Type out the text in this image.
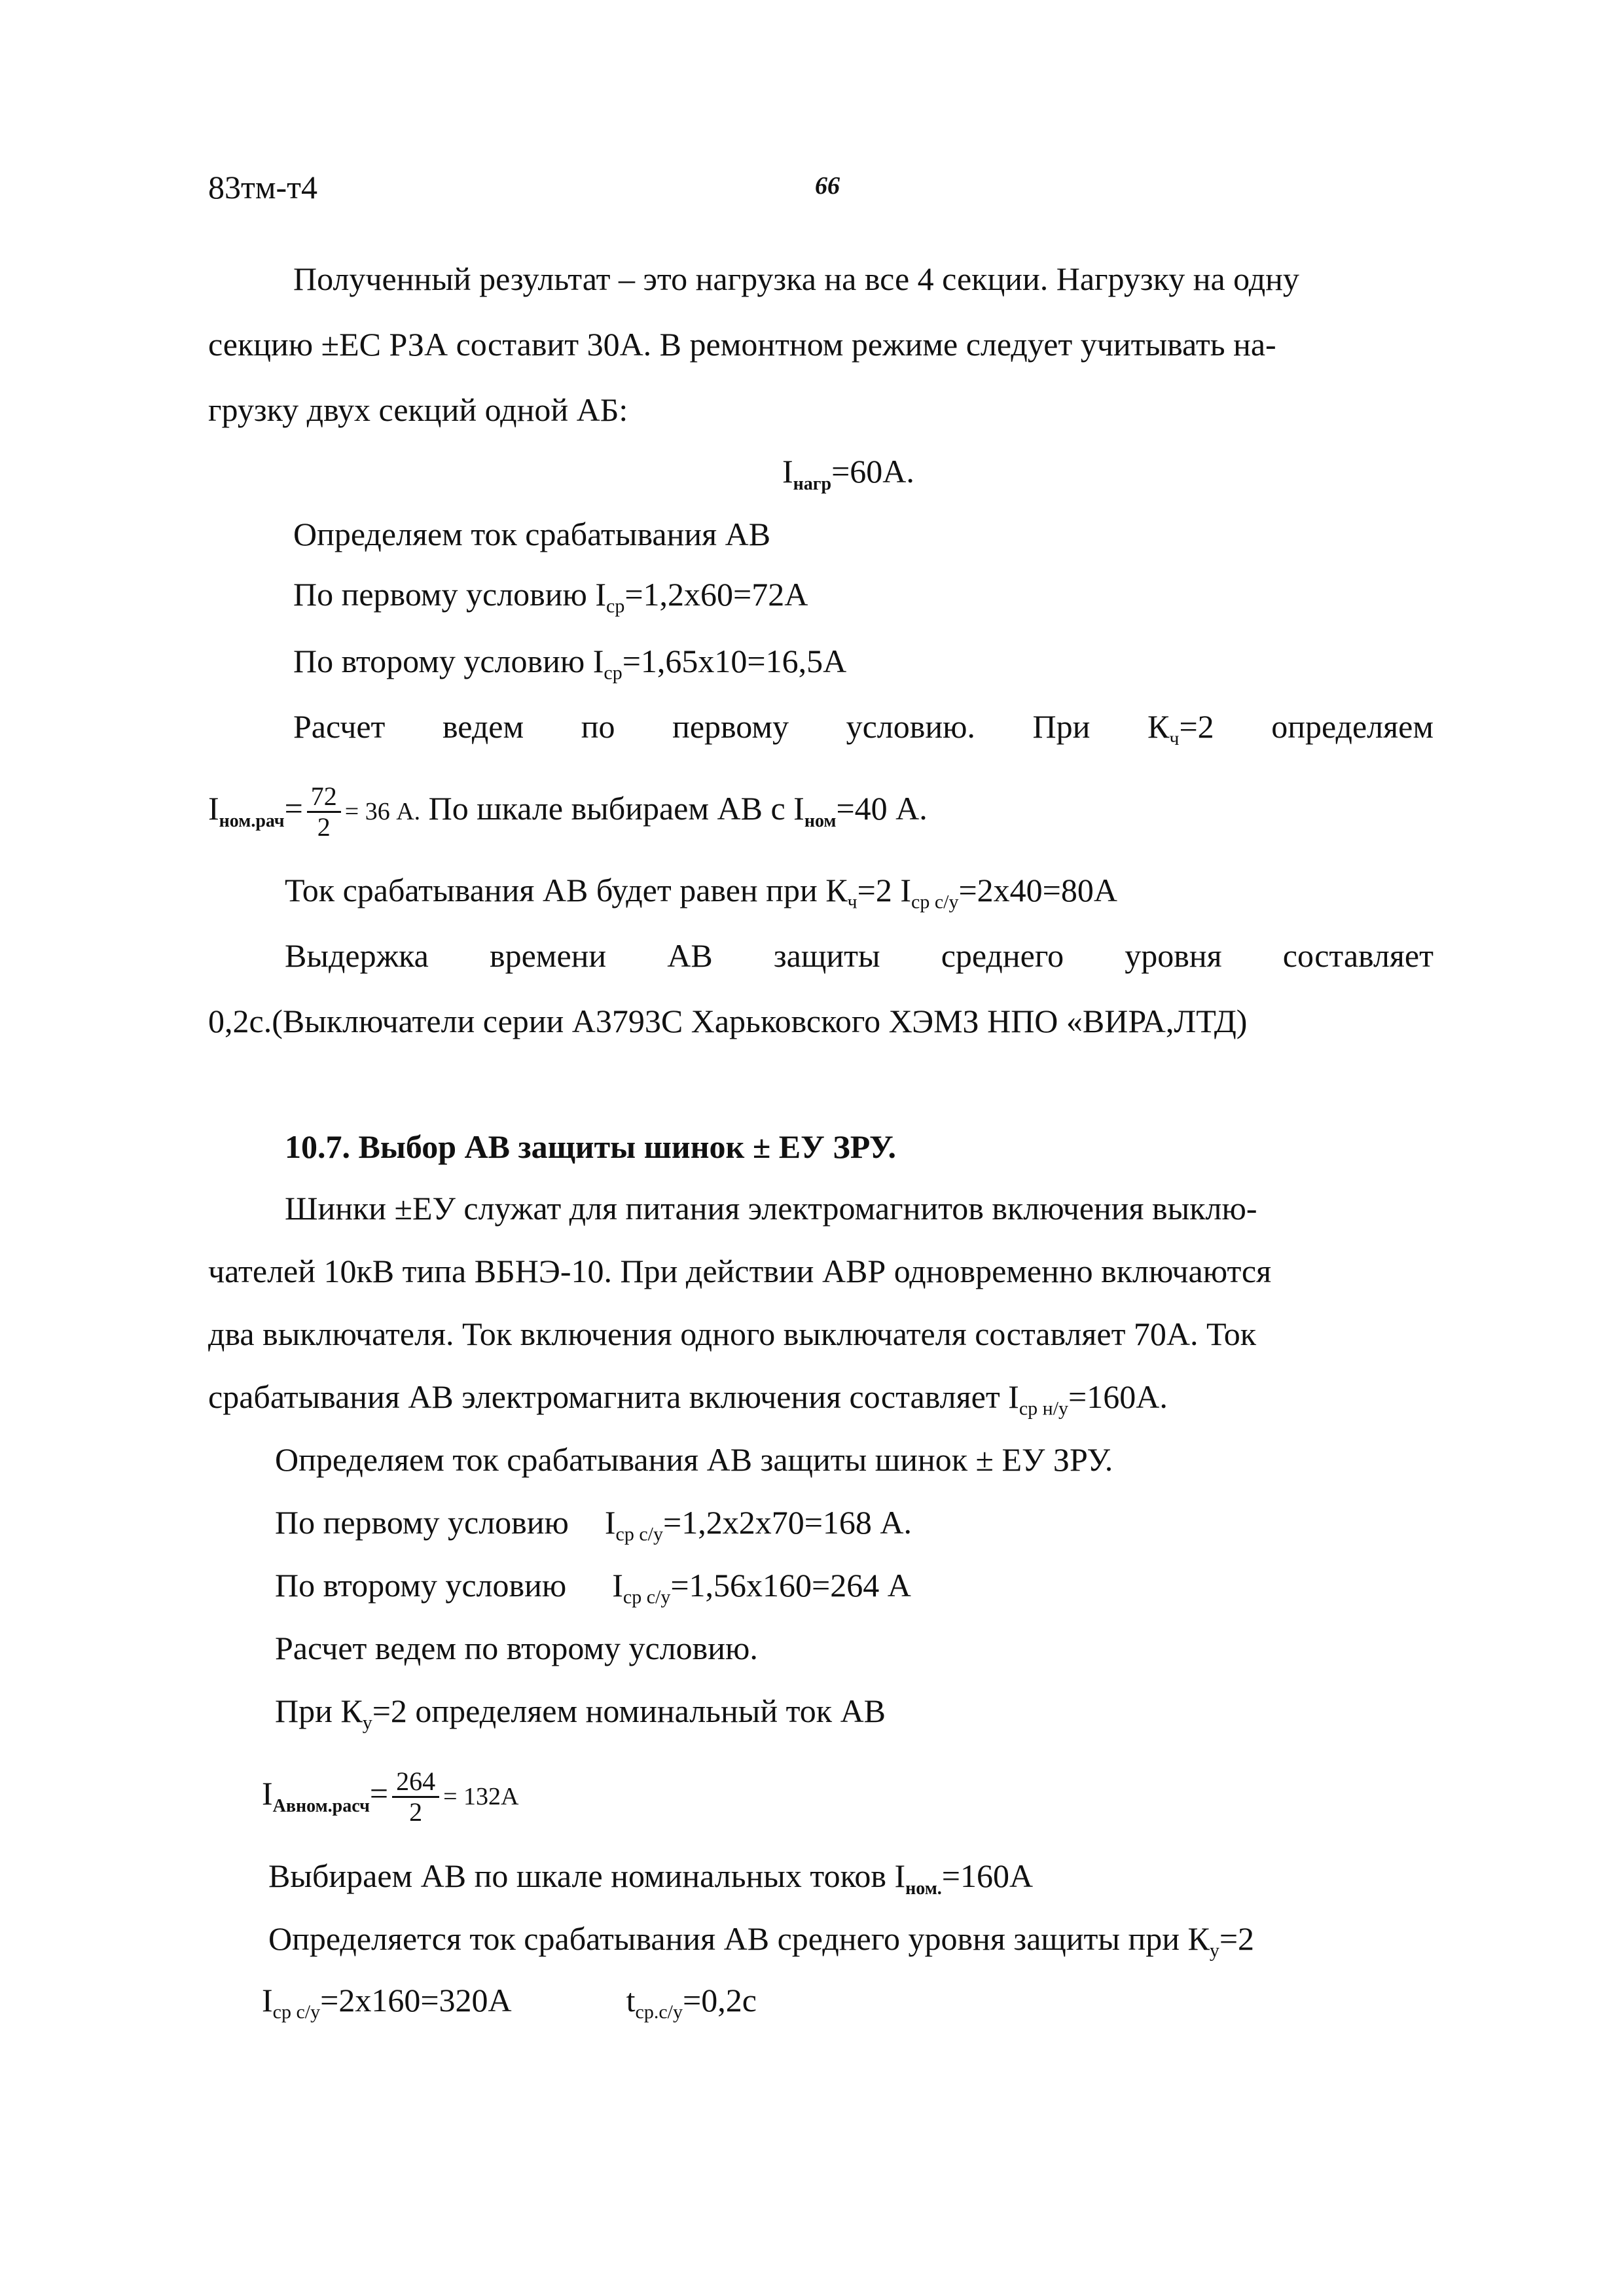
83тм-т4	66
Полученный результат – это нагрузка на все 4 секции. Нагрузку на одну
секцию ±ЕС РЗА составит 30А. В ремонтном режиме следует учитывать на-
грузку двух секций одной АБ:
$I_{нагр}=60А$.
Определяем ток срабатывания АВ
По первому условию $I_{ср}=1,2х60=72А$
По второму условию $I_{ср}=1,65х10=16,5А$
Расчет ведем по первому условию. При Кч=2 определяем
$I_{ном.рач}= \frac{72}{2} = 36$ А. По шкале выбираем АВ с $I_{ном}=40$ А.
Ток срабатывания АВ будет равен при $К_ч=2$ $I_{ср с/у}=2х40=80А$
Выдержка времени АВ защиты среднего уровня составляет
0,2с.(Выключатели серии А3793С Харьковского ХЭМЗ НПО «ВИРА,ЛТД)
10.7. Выбор АВ защиты шинок ± ЕУ ЗРУ.
Шинки ±ЕУ служат для питания электромагнитов включения выклю-
чателей 10кВ типа ВБНЭ-10. При действии АВР одновременно включаются
два выключателя. Ток включения одного выключателя составляет 70А. Ток
срабатывания АВ электромагнита включения составляет $I_{ср н/у}=160А$.
Определяем ток срабатывания АВ защиты шинок ± ЕУ ЗРУ.
По первому условию $I_{ср с/у}=1,2х2х70=168$ А.
По второму условию $I_{ср с/у}=1,56х160=264$ А
Расчет ведем по второму условию.
При $К_у=2$ определяем номинальный ток АВ
$I_{Авном.расч}= \frac{264}{2} = 132А$
Выбираем АВ по шкале номинальных токов $I_{ном.}=160А$
Определяется ток срабатывания АВ среднего уровня защиты при $К_у=2$
$I_{ср с/у}=2х160=320А$	$t_{ср.с/у}=0,2с$
